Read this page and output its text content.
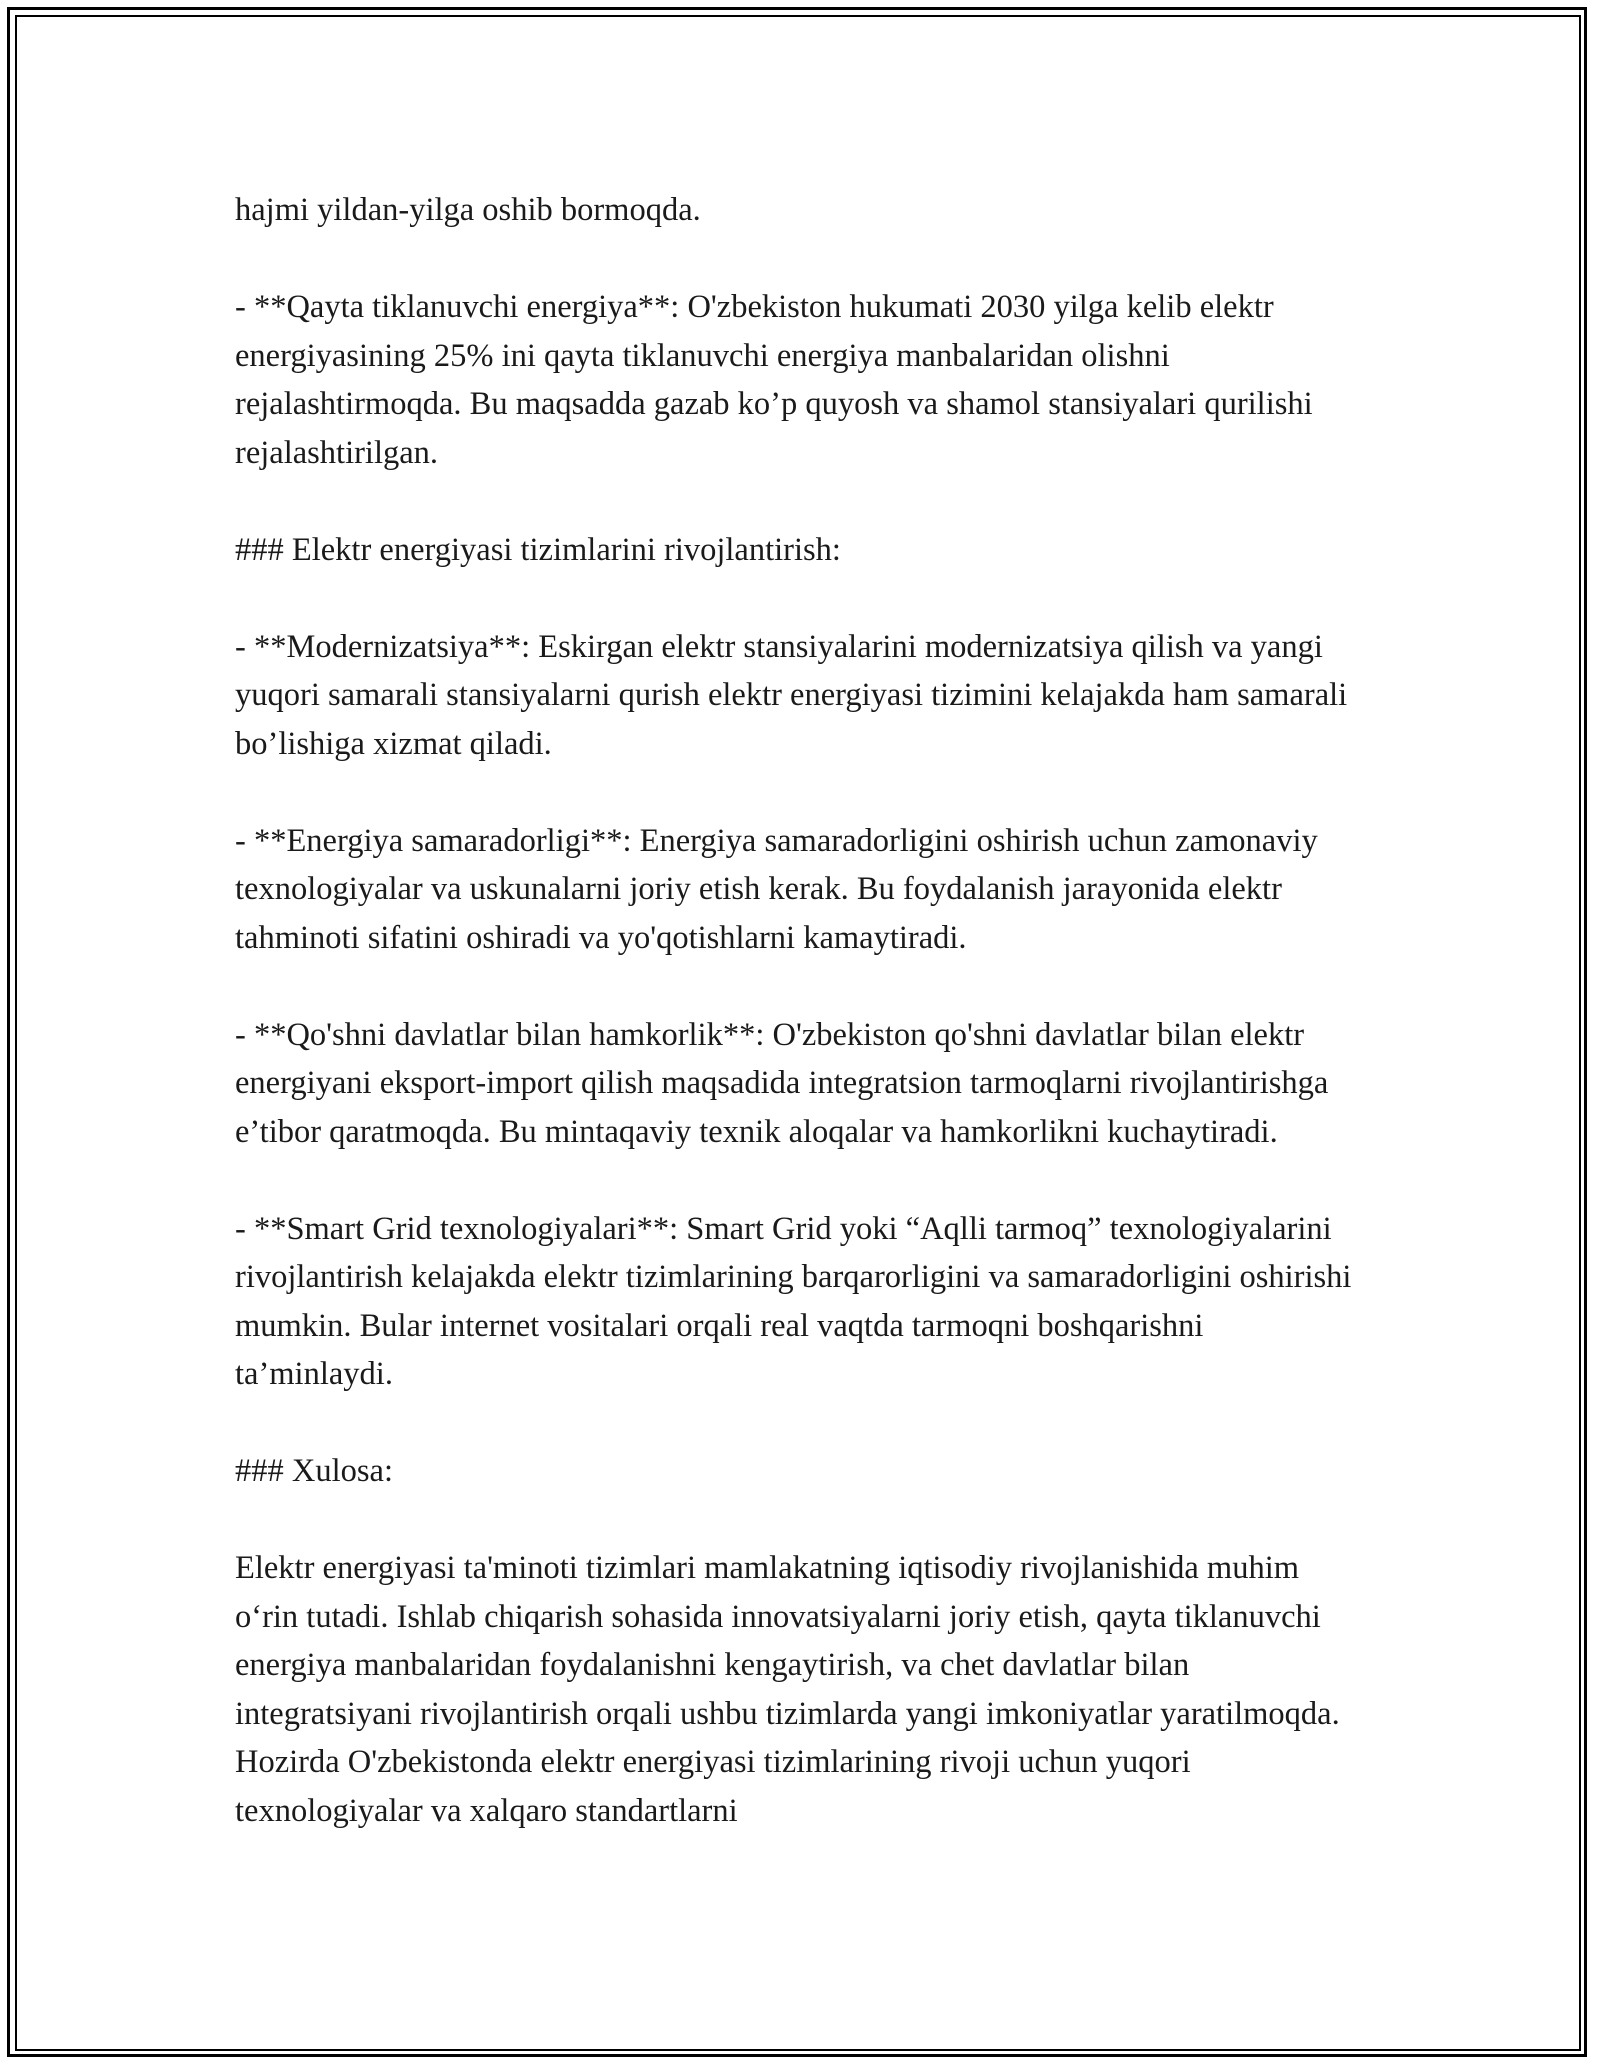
hajmi yildan-yilga oshib bormoqda.

- **Qayta tiklanuvchi energiya**: O'zbekiston hukumati 2030 yilga kelib elektr energiyasining 25% ini qayta tiklanuvchi energiya manbalaridan olishni rejalashtirmoqda. Bu maqsadda gazab ko’p quyosh va shamol stansiyalari qurilishi rejalashtirilgan.

### Elektr energiyasi tizimlarini rivojlantirish:

- **Modernizatsiya**: Eskirgan elektr stansiyalarini modernizatsiya qilish va yangi yuqori samarali stansiyalarni qurish elektr energiyasi tizimini kelajakda ham samarali bo’lishiga xizmat qiladi.

- **Energiya samaradorligi**: Energiya samaradorligini oshirish uchun zamonaviy texnologiyalar va uskunalarni joriy etish kerak. Bu foydalanish jarayonida elektr tahminoti sifatini oshiradi va yo'qotishlarni kamaytiradi.

- **Qo'shni davlatlar bilan hamkorlik**: O'zbekiston qo'shni davlatlar bilan elektr energiyani eksport-import qilish maqsadida integratsion tarmoqlarni rivojlantirishga e’tibor qaratmoqda. Bu mintaqaviy texnik aloqalar va hamkorlikni kuchaytiradi.

- **Smart Grid texnologiyalari**: Smart Grid yoki “Aqlli tarmoq” texnologiyalarini rivojlantirish kelajakda elektr tizimlarining barqarorligini va samaradorligini oshirishi mumkin. Bular internet vositalari orqali real vaqtda tarmoqni boshqarishni ta’minlaydi.

### Xulosa:

Elektr energiyasi ta'minoti tizimlari mamlakatning iqtisodiy rivojlanishida muhim o‘rin tutadi. Ishlab chiqarish sohasida innovatsiyalarni joriy etish, qayta tiklanuvchi energiya manbalaridan foydalanishni kengaytirish, va chet davlatlar bilan integratsiyani rivojlantirish orqali ushbu tizimlarda yangi imkoniyatlar yaratilmoqda. Hozirda O'zbekistonda elektr energiyasi tizimlarining rivoji uchun yuqori texnologiyalar va xalqaro standartlarni
